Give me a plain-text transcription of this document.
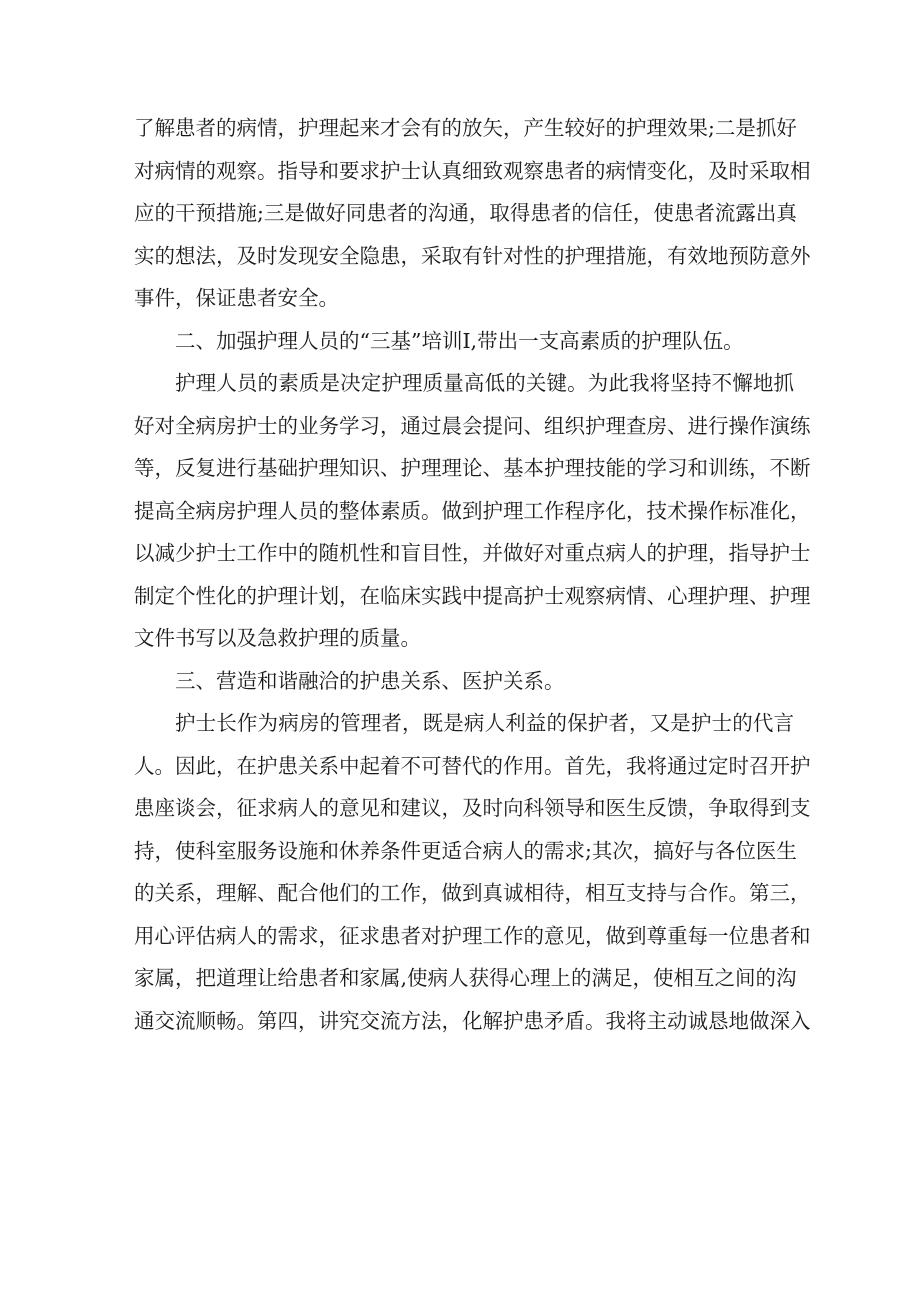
了解患者的病情，护理起来才会有的放矢，产生较好的护理效果;二是抓好
对病情的观察。指导和要求护士认真细致观察患者的病情变化，及时采取相
应的干预措施;三是做好同患者的沟通，取得患者的信任，使患者流露出真
实的想法，及时发现安全隐患，采取有针对性的护理措施，有效地预防意外
事件，保证患者安全。
二、加强护理人员的“三基”培训I,带出一支高素质的护理队伍。
护理人员的素质是决定护理质量高低的关键。为此我将坚持不懈地抓
好对全病房护士的业务学习，通过晨会提问、组织护理查房、进行操作演练
等，反复进行基础护理知识、护理理论、基本护理技能的学习和训练，不断
提高全病房护理人员的整体素质。做到护理工作程序化，技术操作标准化，
以减少护士工作中的随机性和盲目性，并做好对重点病人的护理，指导护士
制定个性化的护理计划，在临床实践中提高护士观察病情、心理护理、护理
文件书写以及急救护理的质量。
三、营造和谐融洽的护患关系、医护关系。
护士长作为病房的管理者，既是病人利益的保护者，又是护士的代言
人。因此，在护患关系中起着不可替代的作用。首先，我将通过定时召开护
患座谈会，征求病人的意见和建议，及时向科领导和医生反馈，争取得到支
持，使科室服务设施和休养条件更适合病人的需求;其次，搞好与各位医生
的关系，理解、配合他们的工作，做到真诚相待，相互支持与合作。第三，
用心评估病人的需求，征求患者对护理工作的意见，做到尊重每一位患者和
家属，把道理让给患者和家属,使病人获得心理上的满足，使相互之间的沟
通交流顺畅。第四，讲究交流方法，化解护患矛盾。我将主动诚恳地做深入
